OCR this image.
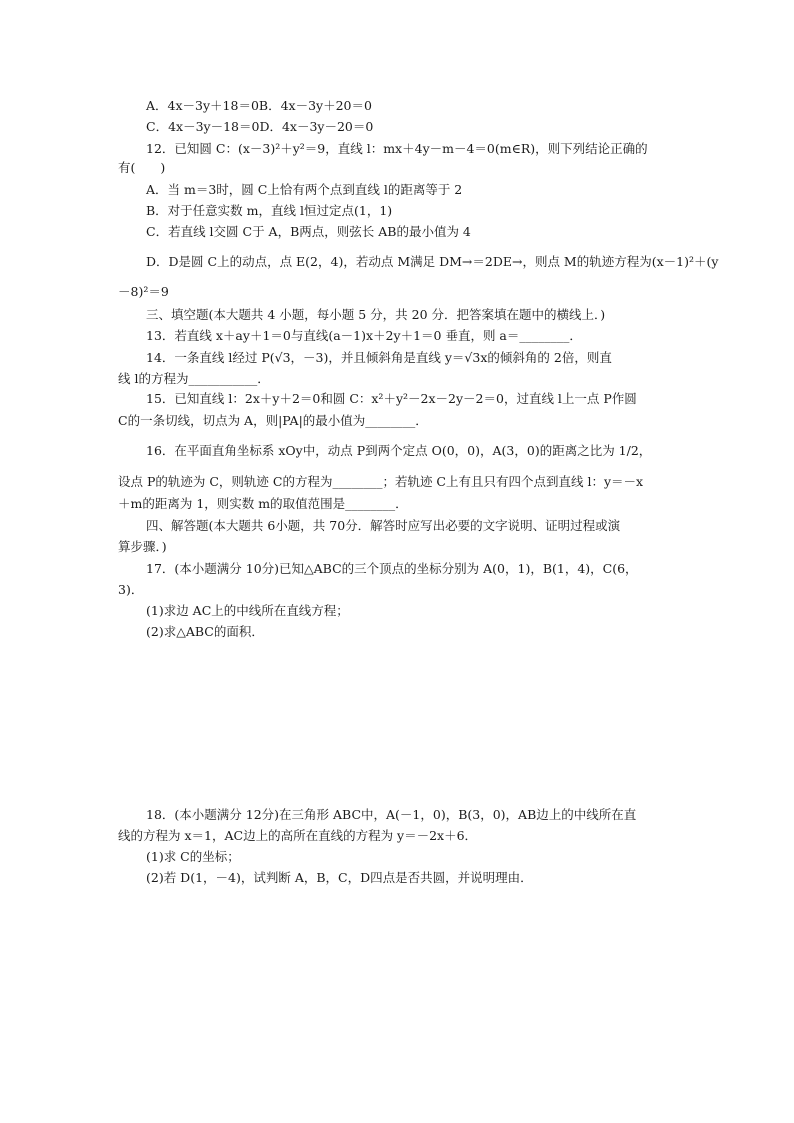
A．4x－3y＋18＝0B．4x－3y＋20＝0
C．4x－3y－18＝0D．4x－3y－20＝0
12．已知圆 C：(x－3)²＋y²＝9，直线 l：mx＋4y－m－4＝0(m∈R)，则下列结论正确的
有(　　)
A．当 m＝3时，圆 C上恰有两个点到直线 l的距离等于 2
B．对于任意实数 m，直线 l恒过定点(1，1)
C．若直线 l交圆 C于 A，B两点，则弦长 AB的最小值为 4
D．D是圆 C上的动点，点 E(2，4)，若动点 M满足 DM→＝2DE→，则点 M的轨迹方程为(x－1)²＋(y
－8)²＝9
三、填空题(本大题共 4 小题，每小题 5 分，共 20 分．把答案填在题中的横线上．)
13．若直线 x＋ay＋1＝0与直线(a－1)x＋2y＋1＝0 垂直，则 a＝________．
14．一条直线 l经过 P(√3，－3)，并且倾斜角是直线 y＝√3x的倾斜角的 2倍，则直
线 l的方程为___________．
15．已知直线 l：2x＋y＋2＝0和圆 C：x²＋y²－2x－2y－2＝0，过直线 l上一点 P作圆
C的一条切线，切点为 A，则|PA|的最小值为________．
16．在平面直角坐标系 xOy中，动点 P到两个定点 O(0，0)，A(3，0)的距离之比为 1/2，
设点 P的轨迹为 C，则轨迹 C的方程为________；若轨迹 C上有且只有四个点到直线 l：y＝－x
＋m的距离为 1，则实数 m的取值范围是________．
四、解答题(本大题共 6小题，共 70分．解答时应写出必要的文字说明、证明过程或演
算步骤．)
17．(本小题满分 10分)已知△ABC的三个顶点的坐标分别为 A(0，1)，B(1，4)，C(6，
3)．
(1)求边 AC上的中线所在直线方程；
(2)求△ABC的面积．
18．(本小题满分 12分)在三角形 ABC中，A(－1，0)，B(3，0)，AB边上的中线所在直
线的方程为 x＝1，AC边上的高所在直线的方程为 y＝－2x＋6．
(1)求 C的坐标；
(2)若 D(1，－4)，试判断 A，B，C，D四点是否共圆，并说明理由．
